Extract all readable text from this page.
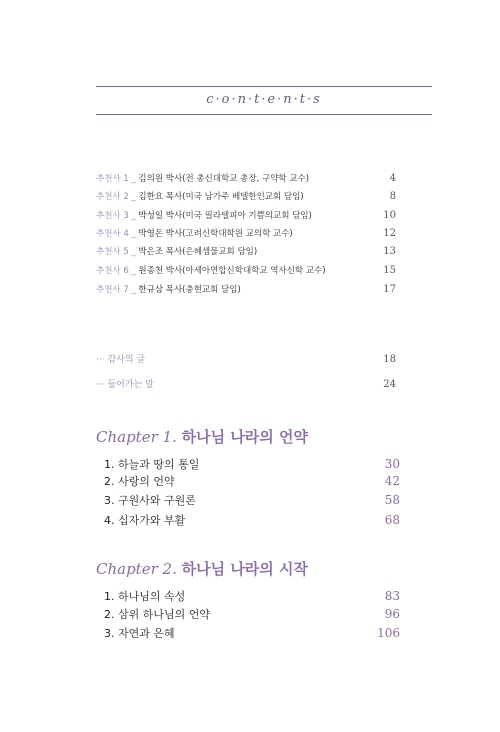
c·o·n·t·e·n·t·s
추천사 1 _ 김의원 박사(전 총신대학교 총장, 구약학 교수)	4
추천사 2 _ 김한요 목사(미국 남가주 베델한인교회 담임)	8
추천사 3 _ 박성일 박사(미국 필라델피아 기쁨의교회 담임)	10
추천사 4 _ 박영돈 박사(고려신학대학원 교의학 교수)	12
추천사 5 _ 박은조 목사(은혜샘물교회 담임)	13
추천사 6 _ 원종천 박사(아세아연합신학대학교 역사신학 교수)	15
추천사 7 _ 한규삼 목사(충현교회 담임)	17
··· 감사의 글	18
··· 들어가는 말	24
Chapter 1. 하나님 나라의 언약
1. 하늘과 땅의 통일	30
2. 사랑의 언약	42
3. 구원사와 구원론	58
4. 십자가와 부활	68
Chapter 2. 하나님 나라의 시작
1. 하나님의 속성	83
2. 삼위 하나님의 언약	96
3. 자연과 은혜	106
